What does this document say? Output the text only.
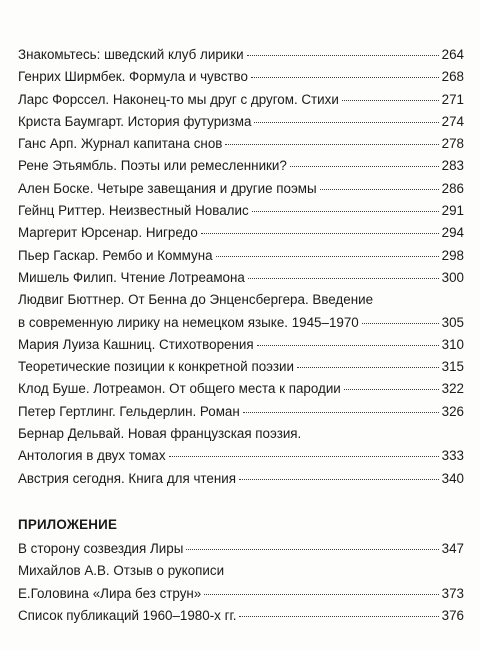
Знакомьтесь: шведский клуб лирики	264
Генрих Ширмбек. Формула и чувство	268
Ларс Форссел. Наконец-то мы друг с другом. Стихи	271
Криста Баумгарт. История футуризма	274
Ганс Арп. Журнал капитана снов	278
Рене Этьямбль. Поэты или ремесленники?	283
Ален Боске. Четыре завещания и другие поэмы	286
Гейнц Риттер. Неизвестный Новалис	291
Маргерит Юрсенар. Нигредо	294
Пьер Гаскар. Рембо и Коммуна	298
Мишель Филип. Чтение Лотреамона	300
Людвиг Бюттнер. От Бенна до Энценсбергера. Введение
в современную лирику на немецком языке. 1945–1970	305
Мария Луиза Кашниц. Стихотворения	310
Теоретические позиции к конкретной поэзии	315
Клод Буше. Лотреамон. От общего места к пародии	322
Петер Гертлинг. Гельдерлин. Роман	326
Бернар Дельвай. Новая французская поэзия.
Антология в двух томах	333
Австрия сегодня. Книга для чтения	340
ПРИЛОЖЕНИЕ
В сторону созвездия Лиры	347
Михайлов А.В. Отзыв о рукописи
Е.Головина «Лира без струн»	373
Список публикаций 1960–1980-х гг.	376
